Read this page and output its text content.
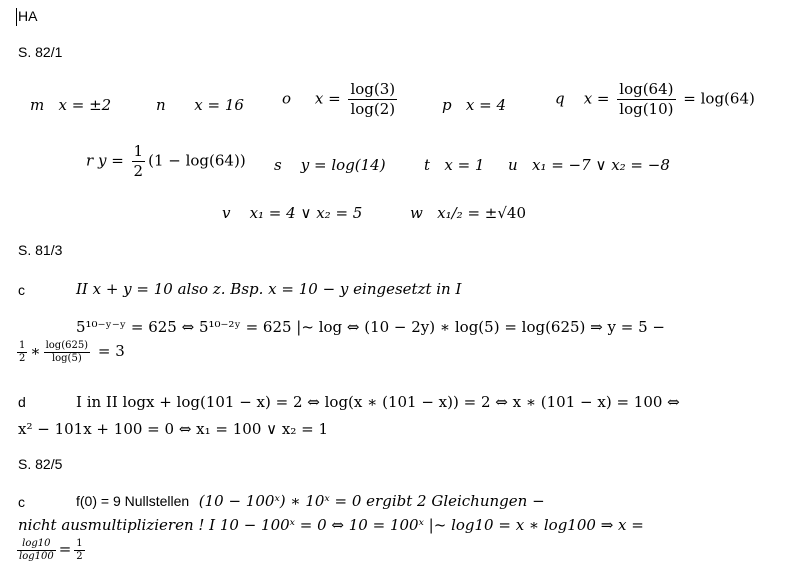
HA
S. 82/1
m x = ±2	n x = 16	o $x = \frac{\log(3)}{\log(2)}$	p x = 4	q $x = \frac{\log(64)}{\log(10)} = \log(64)$
r $y = \frac{1}{2} (1 - \log(64))$ s y = log(14)	t x = 1 u x₁ = −7 ∨ x₂ = −8
v x₁ = 4 ∨ x₂ = 5	w x₁/₂ = ±√40
S. 81/3
c	II x + y = 10 also z. Bsp. x = 10 − y eingesetzt in I
5¹⁰⁻ʸ⁻ʸ = 625 ⇔ 5¹⁰⁻²ʸ = 625 |~ log ⇔ (10 − 2y) ∗ log(5) = log(625) ⇒ y = 5 −
$\frac{1}{2}$ ∗ $\frac{\log(625)}{\log(5)} = 3$
d	I in II logx + log(101 − x) = 2 ⇔ log(x ∗ (101 − x)) = 2 ⇔ x ∗ (101 − x) = 100 ⇔
x² − 101x + 100 = 0 ⇔ x₁ = 100 ∨ x₂ = 1
S. 82/5
c	f(0) = 9 Nullstellen (10 − 100ˣ) ∗ 10ˣ = 0 ergibt 2 Gleichungen −
nicht ausmultiplizieren ! I 10 − 100ˣ = 0 ⇔ 10 = 100ˣ |~ log10 = x ∗ log100 ⇒ x =
$\frac{\log 10}{\log 100} = \frac{1}{2}$
